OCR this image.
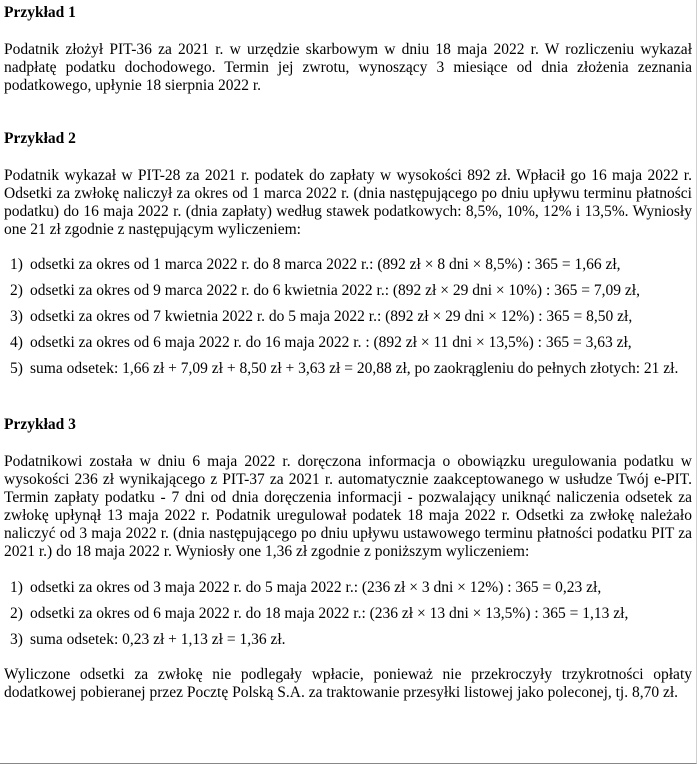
Przykład 1

Podatnik złożył PIT-36 za 2021 r. w urzędzie skarbowym w dniu 18 maja 2022 r. W rozliczeniu wykazał nadpłatę podatku dochodowego. Termin jej zwrotu, wynoszący 3 miesiące od dnia złożenia zeznania podatkowego, upłynie 18 sierpnia 2022 r.

Przykład 2

Podatnik wykazał w PIT-28 za 2021 r. podatek do zapłaty w wysokości 892 zł. Wpłacił go 16 maja 2022 r. Odsetki za zwłokę naliczył za okres od 1 marca 2022 r. (dnia następującego po dniu upływu terminu płatności podatku) do 16 maja 2022 r. (dnia zapłaty) według stawek podatkowych: 8,5%, 10%, 12% i 13,5%. Wyniosły one 21 zł zgodnie z następującym wyliczeniem:

1) odsetki za okres od 1 marca 2022 r. do 8 marca 2022 r.: (892 zł × 8 dni × 8,5%) : 365 = 1,66 zł,
2) odsetki za okres od 9 marca 2022 r. do 6 kwietnia 2022 r.: (892 zł × 29 dni × 10%) : 365 = 7,09 zł,
3) odsetki za okres od 7 kwietnia 2022 r. do 5 maja 2022 r.: (892 zł × 29 dni × 12%) : 365 = 8,50 zł,
4) odsetki za okres od 6 maja 2022 r. do 16 maja 2022 r. : (892 zł × 11 dni × 13,5%) : 365 = 3,63 zł,
5) suma odsetek: 1,66 zł + 7,09 zł + 8,50 zł + 3,63 zł = 20,88 zł, po zaokrągleniu do pełnych złotych: 21 zł.
Przykład 3

Podatnikowi została w dniu 6 maja 2022 r. doręczona informacja o obowiązku uregulowania podatku w wysokości 236 zł wynikającego z PIT-37 za 2021 r. automatycznie zaakceptowanego w usłudze Twój e-PIT. Termin zapłaty podatku - 7 dni od dnia doręczenia informacji - pozwalający uniknąć naliczenia odsetek za zwłokę upłynął 13 maja 2022 r. Podatnik uregulował podatek 18 maja 2022 r. Odsetki za zwłokę należało naliczyć od 3 maja 2022 r. (dnia następującego po dniu upływu ustawowego terminu płatności podatku PIT za 2021 r.) do 18 maja 2022 r. Wyniosły one 1,36 zł zgodnie z poniższym wyliczeniem:

1) odsetki za okres od 3 maja 2022 r. do 5 maja 2022 r.: (236 zł × 3 dni × 12%) : 365 = 0,23 zł,
2) odsetki za okres od 6 maja 2022 r. do 18 maja 2022 r.: (236 zł × 13 dni × 13,5%) : 365 = 1,13 zł,
3) suma odsetek: 0,23 zł + 1,13 zł = 1,36 zł.

Wyliczone odsetki za zwłokę nie podlegały wpłacie, ponieważ nie przekroczyły trzykrotności opłaty dodatkowej pobieranej przez Pocztę Polską S.A. za traktowanie przesyłki listowej jako poleconej, tj. 8,70 zł.
